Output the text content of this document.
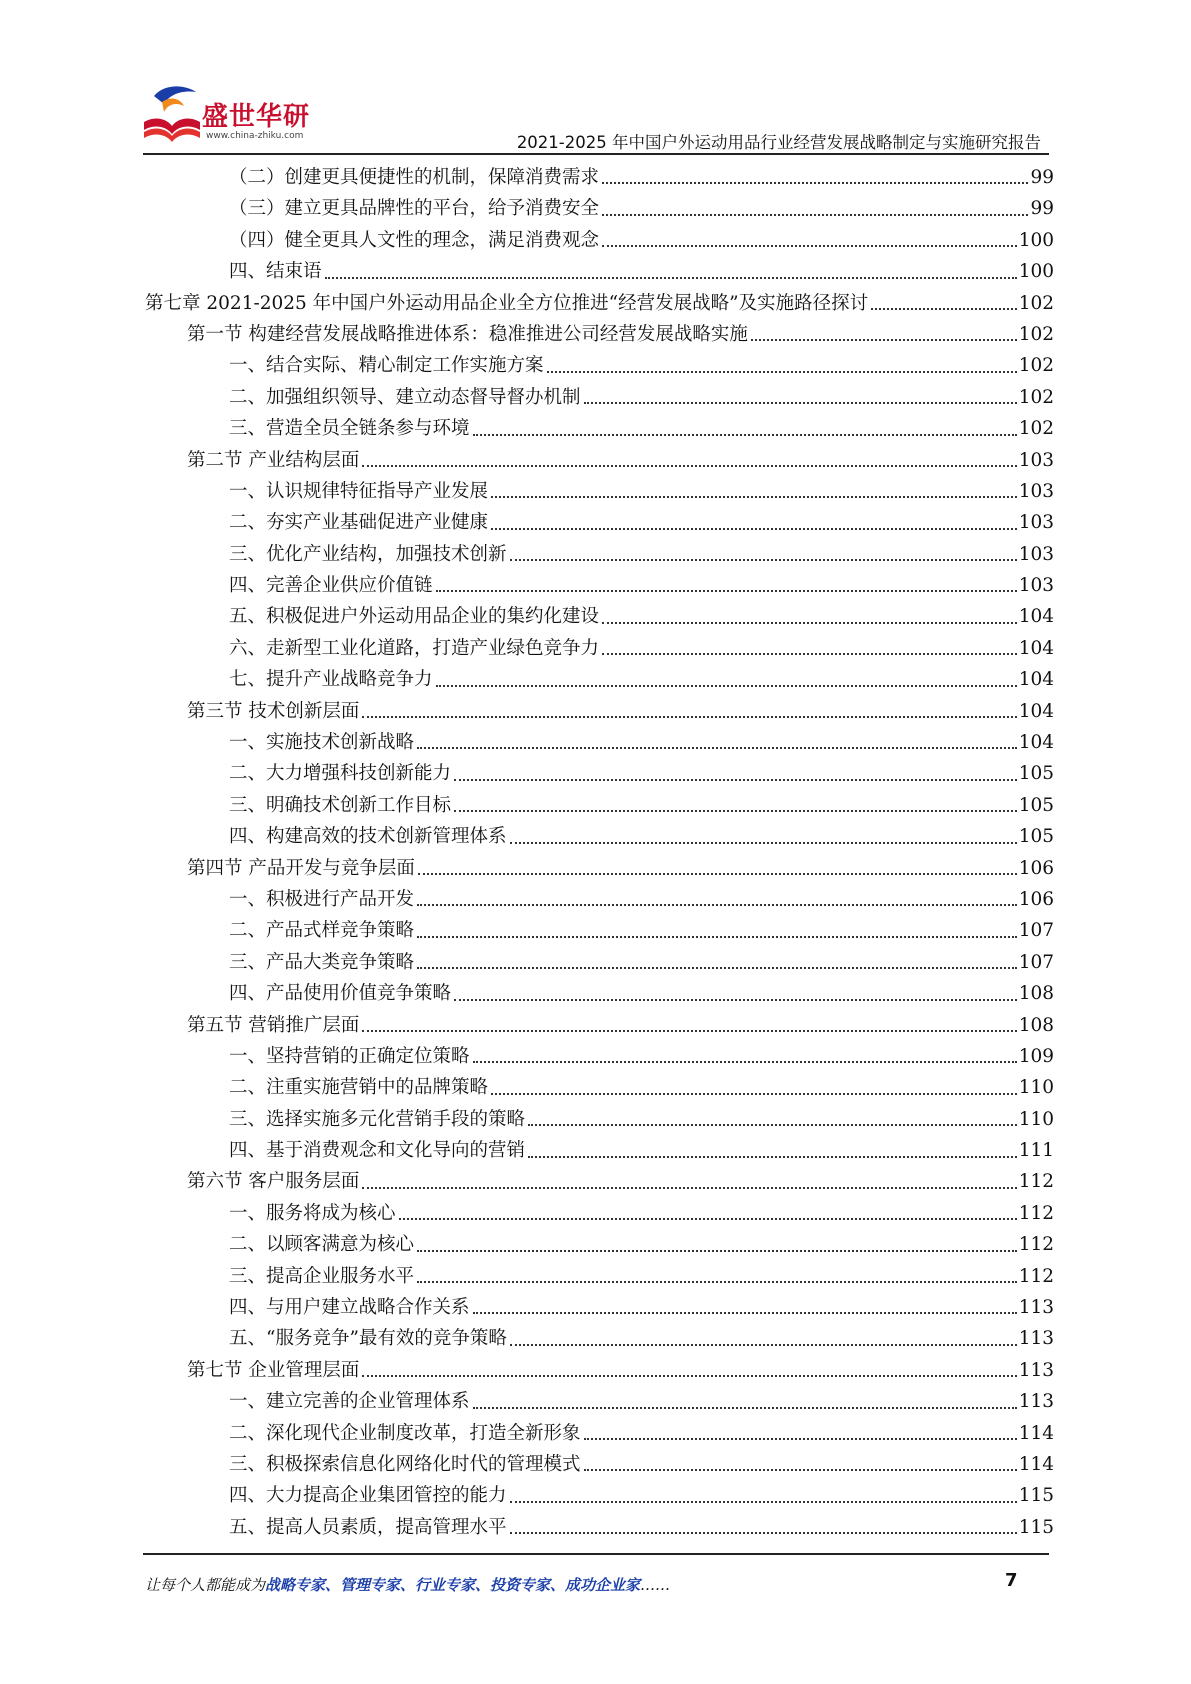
盛世华研
www.china-zhiku.com	2021-2025 年中国户外运动用品行业经营发展战略制定与实施研究报告
（二）创建更具便捷性的机制，保障消费需求	99
（三）建立更具品牌性的平台，给予消费安全	99
（四）健全更具人文性的理念，满足消费观念	100
四、结束语	100
第七章 2021-2025 年中国户外运动用品企业全方位推进“经营发展战略”及实施路径探讨	102
第一节 构建经营发展战略推进体系：稳准推进公司经营发展战略实施	102
一、结合实际、精心制定工作实施方案	102
二、加强组织领导、建立动态督导督办机制	102
三、营造全员全链条参与环境	102
第二节 产业结构层面	103
一、认识规律特征指导产业发展	103
二、夯实产业基础促进产业健康	103
三、优化产业结构，加强技术创新	103
四、完善企业供应价值链	103
五、积极促进户外运动用品企业的集约化建设	104
六、走新型工业化道路，打造产业绿色竞争力	104
七、提升产业战略竞争力	104
第三节 技术创新层面	104
一、实施技术创新战略	104
二、大力增强科技创新能力	105
三、明确技术创新工作目标	105
四、构建高效的技术创新管理体系	105
第四节 产品开发与竞争层面	106
一、积极进行产品开发	106
二、产品式样竞争策略	107
三、产品大类竞争策略	107
四、产品使用价值竞争策略	108
第五节 营销推广层面	108
一、坚持营销的正确定位策略	109
二、注重实施营销中的品牌策略	110
三、选择实施多元化营销手段的策略	110
四、基于消费观念和文化导向的营销	111
第六节 客户服务层面	112
一、服务将成为核心	112
二、以顾客满意为核心	112
三、提高企业服务水平	112
四、与用户建立战略合作关系	113
五、“服务竞争”最有效的竞争策略	113
第七节 企业管理层面	113
一、建立完善的企业管理体系	113
二、深化现代企业制度改革，打造全新形象	114
三、积极探索信息化网络化时代的管理模式	114
四、大力提高企业集团管控的能力	115
五、提高人员素质，提高管理水平	115
让每个人都能成为战略专家、管理专家、行业专家、投资专家、成功企业家……	7
